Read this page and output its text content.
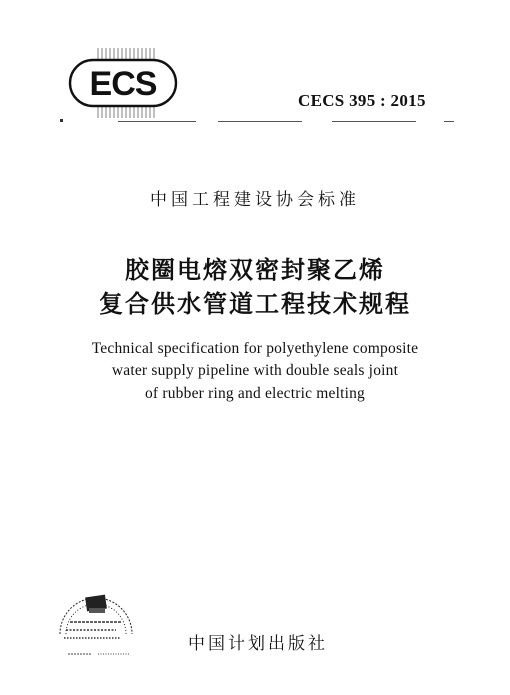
ECS	CECS 395 : 2015
中国工程建设协会标准
胶圈电熔双密封聚乙烯
复合供水管道工程技术规程
Technical specification for polyethylene composite
water supply pipeline with double seals joint
of rubber ring and electric melting
中国计划出版社
